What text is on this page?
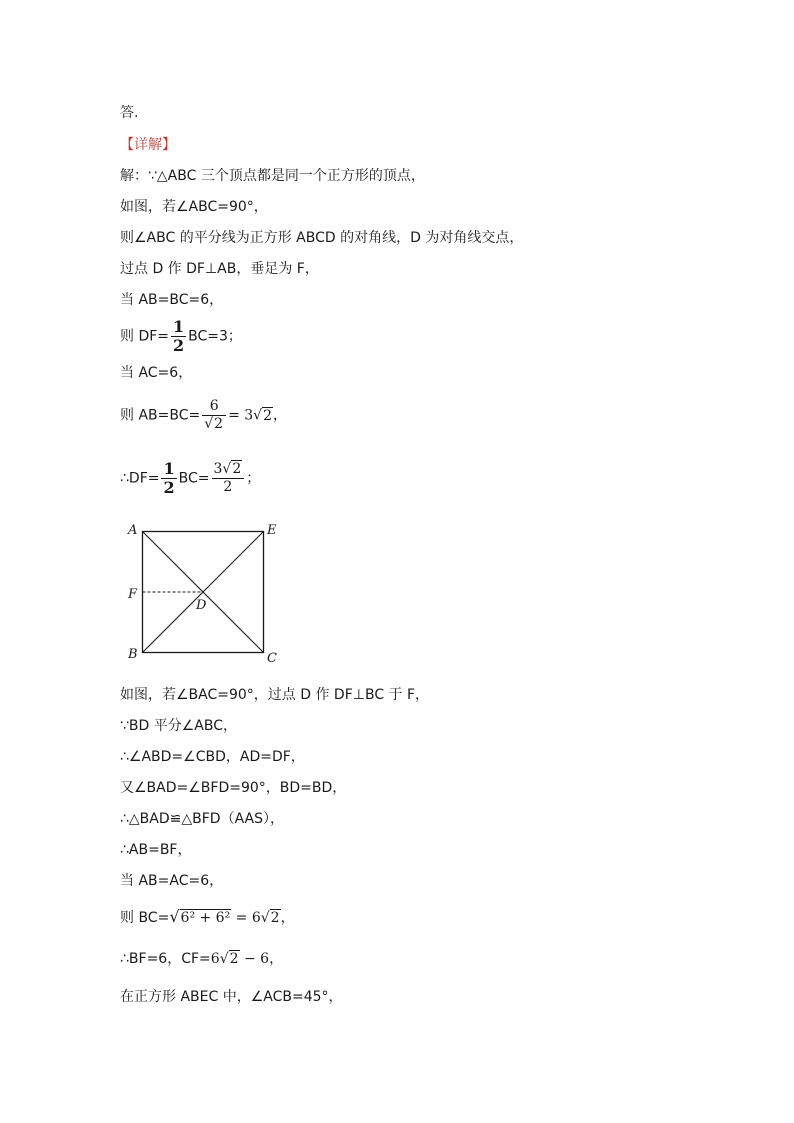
答.
【详解】
解：∵△ABC 三个顶点都是同一个正方形的顶点，
如图，若∠ABC=90°，
则∠ABC 的平分线为正方形 ABCD 的对角线，D 为对角线交点，
过点 D 作 DF⊥AB，垂足为 F，
当 AB=BC=6，
则 $DF= \frac{1}{2} BC=3$；
当 AC=6，
则 $AB=BC= \frac{6}{√2} = 3√2$，
∴DF= $\frac{1}{2} BC= \frac{3√2}{2}$ ；
A	E
F
D
B	C
如图，若∠BAC=90°，过点 D 作 DF⊥BC 于 F，
∵BD 平分∠ABC，
∴∠ABD=∠CBD，AD=DF，
又∠BAD=∠BFD=90°，BD=BD，
∴△BAD≌△BFD（AAS），
∴AB=BF，
当 AB=AC=6，
则 BC=√6² + 6² = 6√2，
∴BF=6，CF=6√2 − 6，
在正方形 ABEC 中，∠ACB=45°，
